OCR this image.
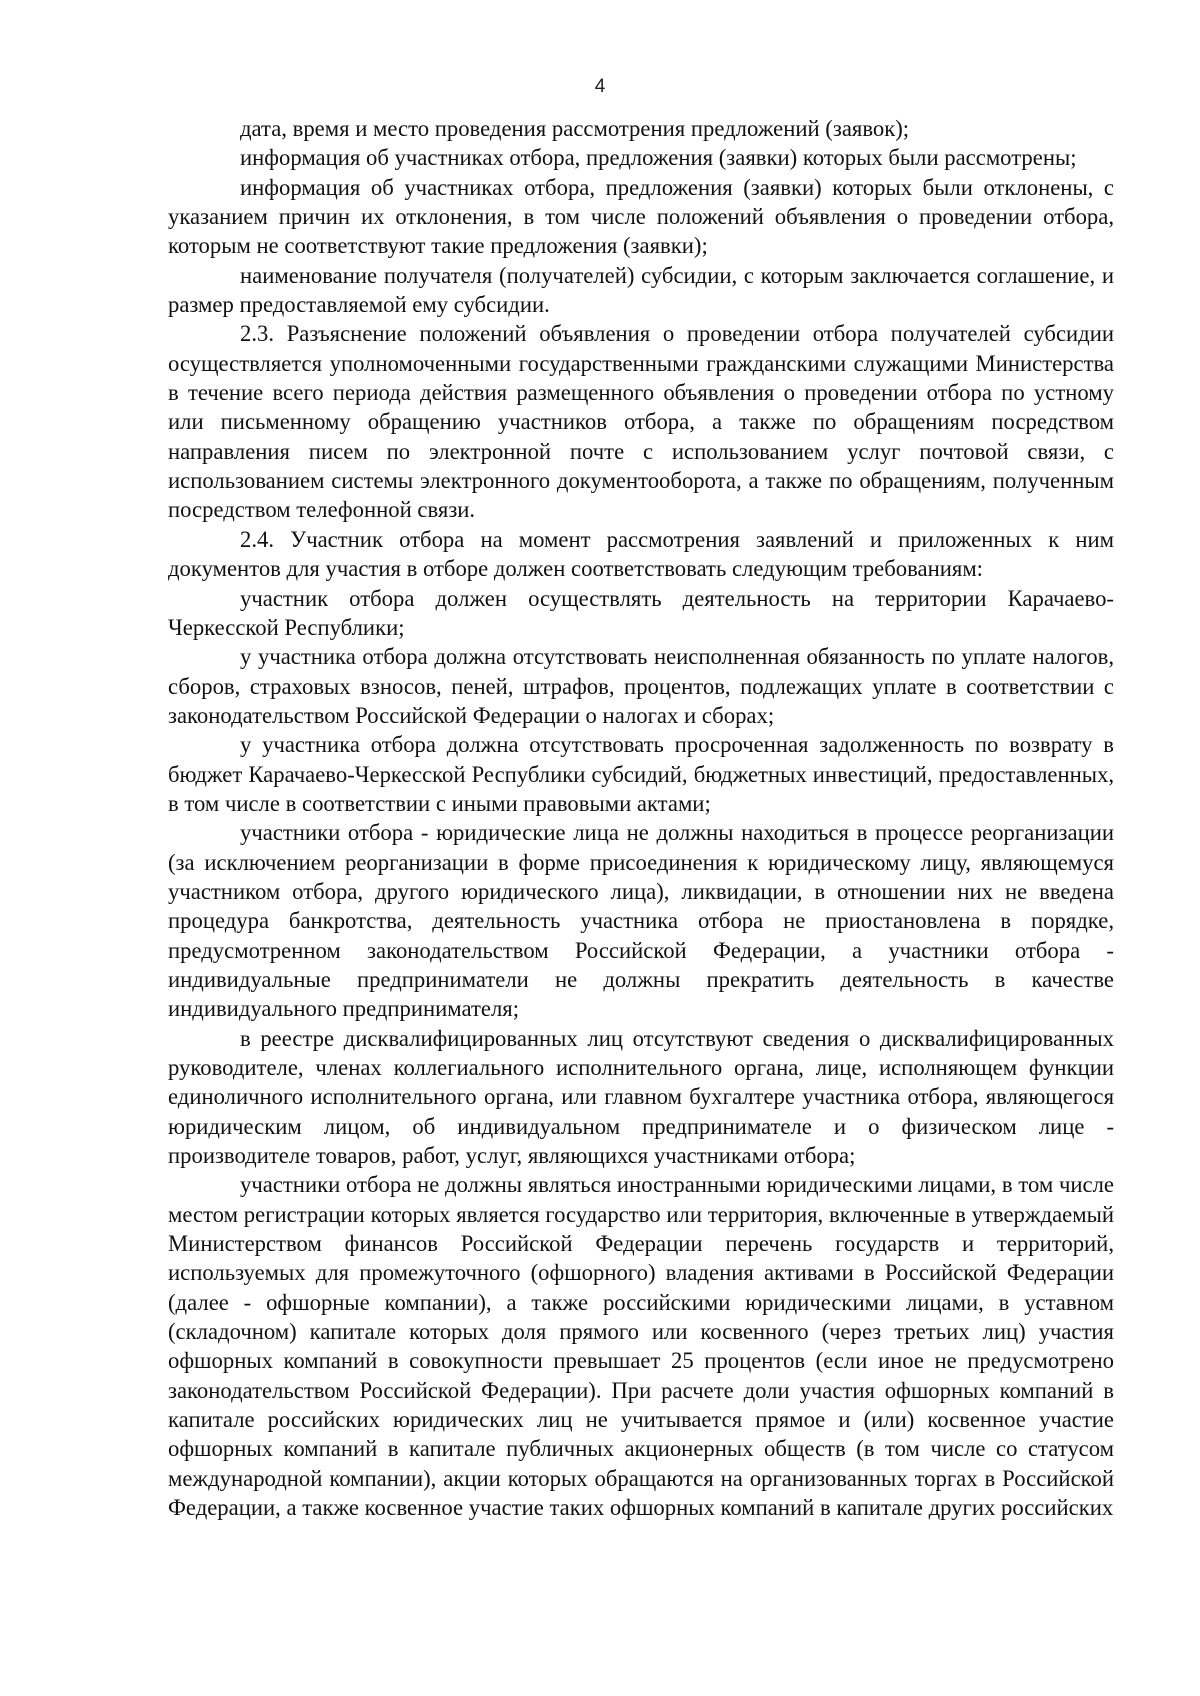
4

дата, время и место проведения рассмотрения предложений (заявок);

информация об участниках отбора, предложения (заявки) которых были рассмотрены;

информация об участниках отбора, предложения (заявки) которых были отклонены, с указанием причин их отклонения, в том числе положений объявления о проведении отбора, которым не соответствуют такие предложения (заявки);

наименование получателя (получателей) субсидии, с которым заключается соглашение, и размер предоставляемой ему субсидии.

2.3. Разъяснение положений объявления о проведении отбора получателей субсидии осуществляется уполномоченными государственными гражданскими служащими Министерства в течение всего периода действия размещенного объявления о проведении отбора по устному или письменному обращению участников отбора, а также по обращениям посредством направления писем по электронной почте с использованием услуг почтовой связи, с использованием системы электронного документооборота, а также по обращениям, полученным посредством телефонной связи.

2.4. Участник отбора на момент рассмотрения заявлений и приложенных к ним документов для участия в отборе должен соответствовать следующим требованиям:

участник отбора должен осуществлять деятельность на территории Карачаево-Черкесской Республики;

у участника отбора должна отсутствовать неисполненная обязанность по уплате налогов, сборов, страховых взносов, пеней, штрафов, процентов, подлежащих уплате в соответствии с законодательством Российской Федерации о налогах и сборах;

у участника отбора должна отсутствовать просроченная задолженность по возврату в бюджет Карачаево-Черкесской Республики субсидий, бюджетных инвестиций, предоставленных, в том числе в соответствии с иными правовыми актами;

участники отбора - юридические лица не должны находиться в процессе реорганизации (за исключением реорганизации в форме присоединения к юридическому лицу, являющемуся участником отбора, другого юридического лица), ликвидации, в отношении них не введена процедура банкротства, деятельность участника отбора не приостановлена в порядке, предусмотренном законодательством Российской Федерации, а участники отбора - индивидуальные предприниматели не должны прекратить деятельность в качестве индивидуального предпринимателя;

в реестре дисквалифицированных лиц отсутствуют сведения о дисквалифицированных руководителе, членах коллегиального исполнительного органа, лице, исполняющем функции единоличного исполнительного органа, или главном бухгалтере участника отбора, являющегося юридическим лицом, об индивидуальном предпринимателе и о физическом лице - производителе товаров, работ, услуг, являющихся участниками отбора;

участники отбора не должны являться иностранными юридическими лицами, в том числе местом регистрации которых является государство или территория, включенные в утверждаемый Министерством финансов Российской Федерации перечень государств и территорий, используемых для промежуточного (офшорного) владения активами в Российской Федерации (далее - офшорные компании), а также российскими юридическими лицами, в уставном (складочном) капитале которых доля прямого или косвенного (через третьих лиц) участия офшорных компаний в совокупности превышает 25 процентов (если иное не предусмотрено законодательством Российской Федерации). При расчете доли участия офшорных компаний в капитале российских юридических лиц не учитывается прямое и (или) косвенное участие офшорных компаний в капитале публичных акционерных обществ (в том числе со статусом международной компании), акции которых обращаются на организованных торгах в Российской Федерации, а также косвенное участие таких офшорных компаний в капитале других российских
